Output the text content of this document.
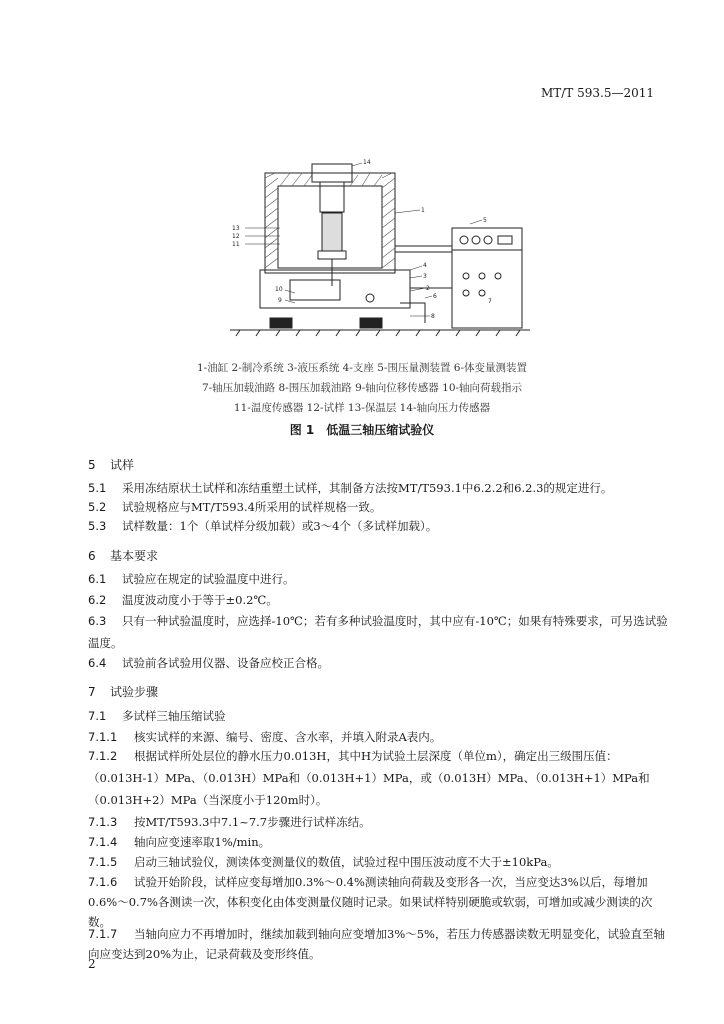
MT/T 593.5—2011
14
1
13
12
11
5
4
3
10
9
2
6
8
7
1-油缸 2-制冷系统 3-液压系统 4-支座 5-围压量测装置 6-体变量测装置
7-轴压加载油路 8-围压加载油路 9-轴向位移传感器 10-轴向荷载指示
11-温度传感器 12-试样 13-保温层 14-轴向压力传感器
图 1　低温三轴压缩试验仪
5 试样
5.1 采用冻结原状土试样和冻结重塑土试样，其制备方法按MT/T593.1中6.2.2和6.2.3的规定进行。
5.2 试验规格应与MT/T593.4所采用的试样规格一致。
5.3 试样数量：1个（单试样分级加载）或3～4个（多试样加载）。
6 基本要求
6.1 试验应在规定的试验温度中进行。
6.2 温度波动度小于等于±0.2℃。
6.3 只有一种试验温度时，应选择-10℃；若有多种试验温度时，其中应有-10℃；如果有特殊要求，可另选试验温度。
6.4 试验前各试验用仪器、设备应校正合格。
7 试验步骤
7.1 多试样三轴压缩试验
7.1.1 核实试样的来源、编号、密度、含水率，并填入附录A表内。
7.1.2 根据试样所处层位的静水压力0.013H，其中H为试验土层深度（单位m），确定出三级围压值：（0.013H-1）MPa、（0.013H）MPa和（0.013H+1）MPa，或（0.013H）MPa、（0.013H+1）MPa和（0.013H+2）MPa（当深度小于120m时）。
7.1.3 按MT/T593.3中7.1~7.7步骤进行试样冻结。
7.1.4 轴向应变速率取1%/min。
7.1.5 启动三轴试验仪，测读体变测量仪的数值，试验过程中围压波动度不大于±10kPa。
7.1.6 试验开始阶段，试样应变每增加0.3%～0.4%测读轴向荷载及变形各一次，当应变达3%以后，每增加0.6%～0.7%各测读一次，体积变化由体变测量仪随时记录。如果试样特别硬脆或软弱，可增加或减少测读的次数。
7.1.7 当轴向应力不再增加时，继续加载到轴向应变增加3%～5%，若压力传感器读数无明显变化，试验直至轴向应变达到20%为止，记录荷载及变形终值。
2
